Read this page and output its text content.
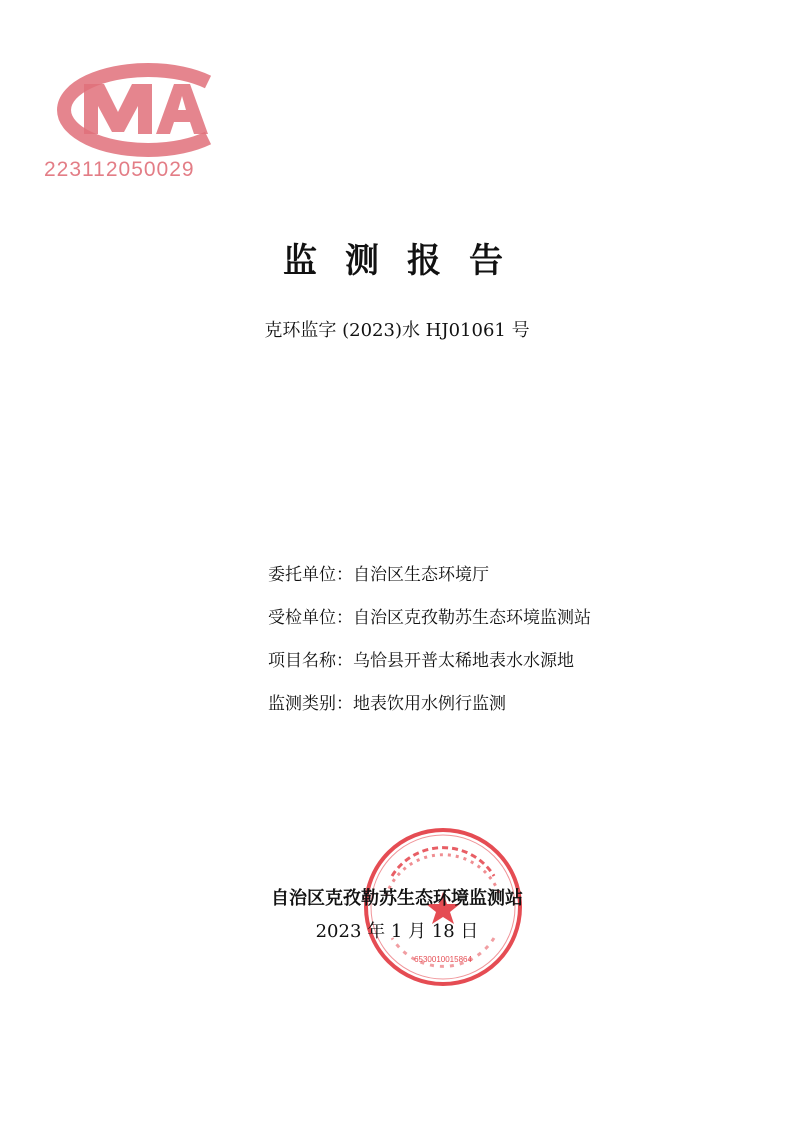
223112050029
监测报告
克环监字 (2023)水 HJ01061 号
委托单位：自治区生态环境厅
受检单位：自治区克孜勒苏生态环境监测站
项目名称：乌恰县开普太稀地表水水源地
监测类别：地表饮用水例行监测
6530010015864
自治区克孜勒苏生态环境监测站
2023 年 1 月 18 日
